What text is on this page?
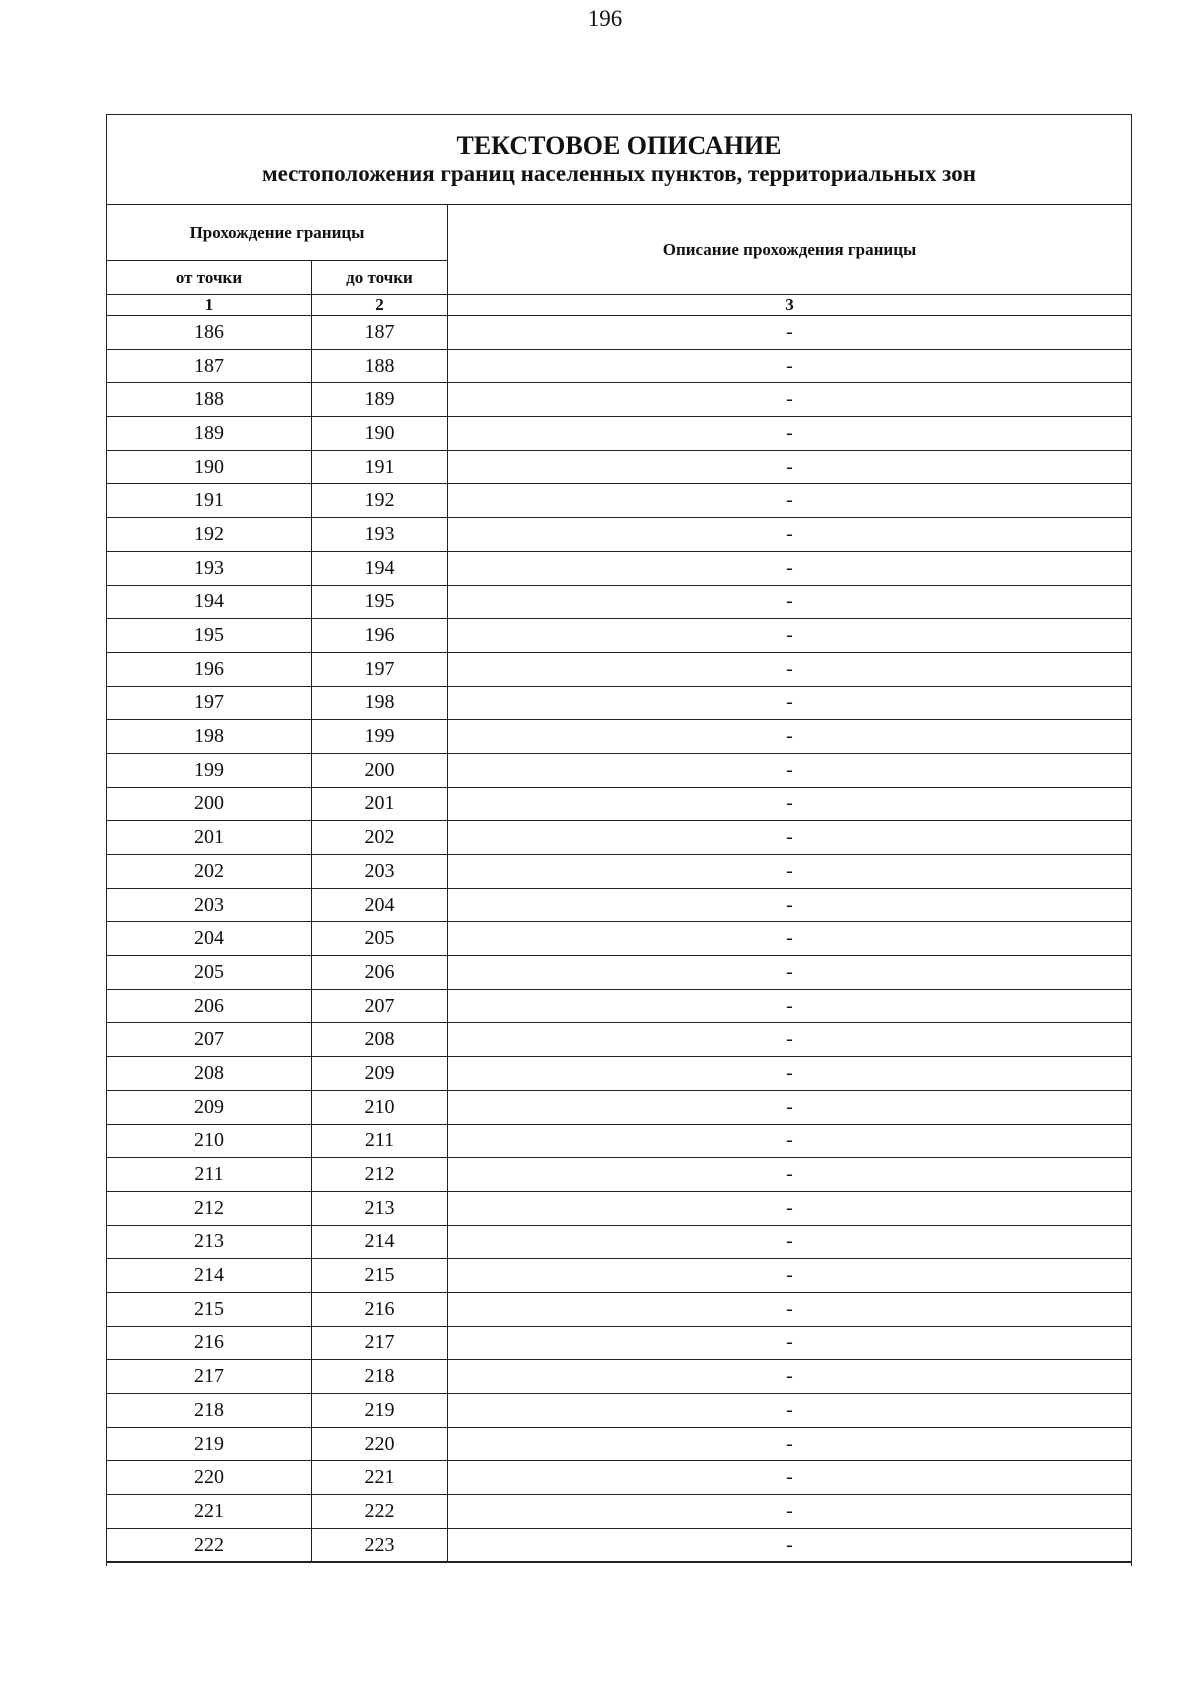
196
ТЕКСТОВОЕ ОПИСАНИЕ
местоположения границ населенных пунктов, территориальных зон
Прохождение границы		Описание прохождения границы
от точки	до точки	
1	2	3
186	187	-
187	188	-
188	189	-
189	190	-
190	191	-
191	192	-
192	193	-
193	194	-
194	195	-
195	196	-
196	197	-
197	198	-
198	199	-
199	200	-
200	201	-
201	202	-
202	203	-
203	204	-
204	205	-
205	206	-
206	207	-
207	208	-
208	209	-
209	210	-
210	211	-
211	212	-
212	213	-
213	214	-
214	215	-
215	216	-
216	217	-
217	218	-
218	219	-
219	220	-
220	221	-
221	222	-
222	223	-
